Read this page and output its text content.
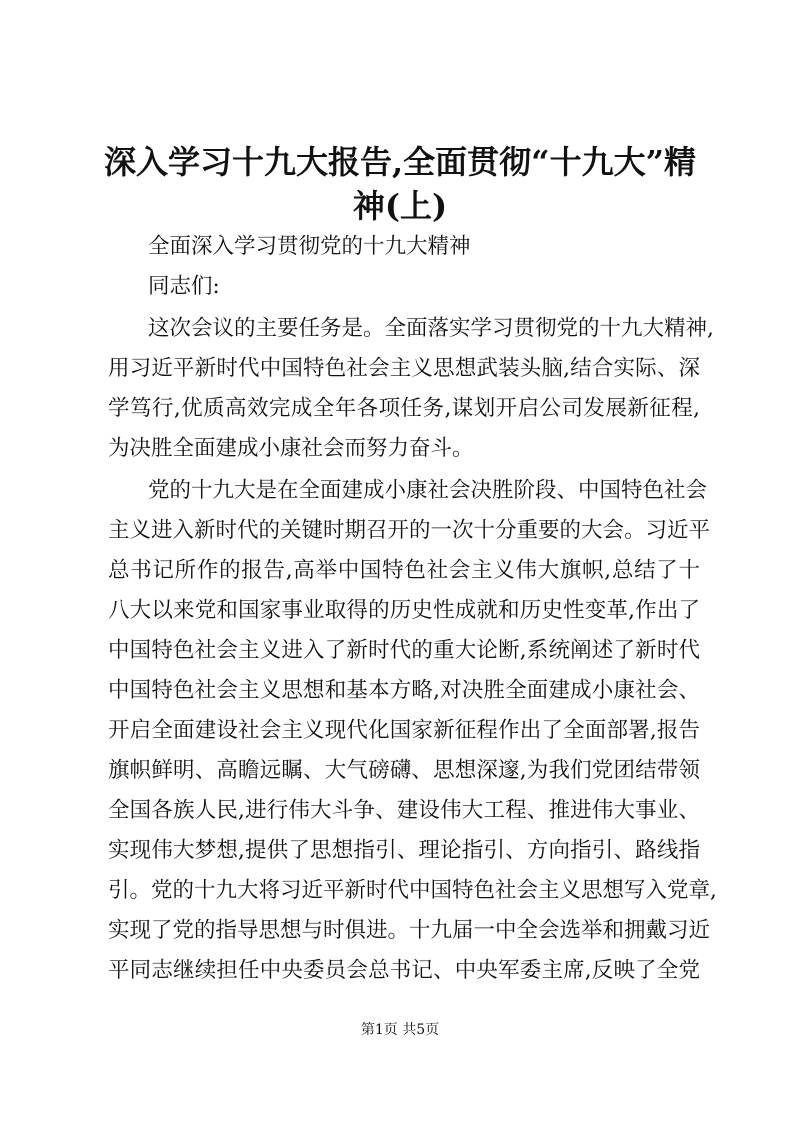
深入学习十九大报告,全面贯彻“十九大”精神(上)
全面深入学习贯彻党的十九大精神
同志们:
这次会议的主要任务是。全面落实学习贯彻党的十九大精神,
用习近平新时代中国特色社会主义思想武装头脑,结合实际、深
学笃行,优质高效完成全年各项任务,谋划开启公司发展新征程,
为决胜全面建成小康社会而努力奋斗。
党的十九大是在全面建成小康社会决胜阶段、中国特色社会
主义进入新时代的关键时期召开的一次十分重要的大会。习近平
总书记所作的报告,高举中国特色社会主义伟大旗帜,总结了十
八大以来党和国家事业取得的历史性成就和历史性变革,作出了
中国特色社会主义进入了新时代的重大论断,系统阐述了新时代
中国特色社会主义思想和基本方略,对决胜全面建成小康社会、
开启全面建设社会主义现代化国家新征程作出了全面部署,报告
旗帜鲜明、高瞻远瞩、大气磅礴、思想深邃,为我们党团结带领
全国各族人民,进行伟大斗争、建设伟大工程、推进伟大事业、
实现伟大梦想,提供了思想指引、理论指引、方向指引、路线指
引。党的十九大将习近平新时代中国特色社会主义思想写入党章,
实现了党的指导思想与时俱进。十九届一中全会选举和拥戴习近
平同志继续担任中央委员会总书记、中央军委主席,反映了全党
第1页 共5页
